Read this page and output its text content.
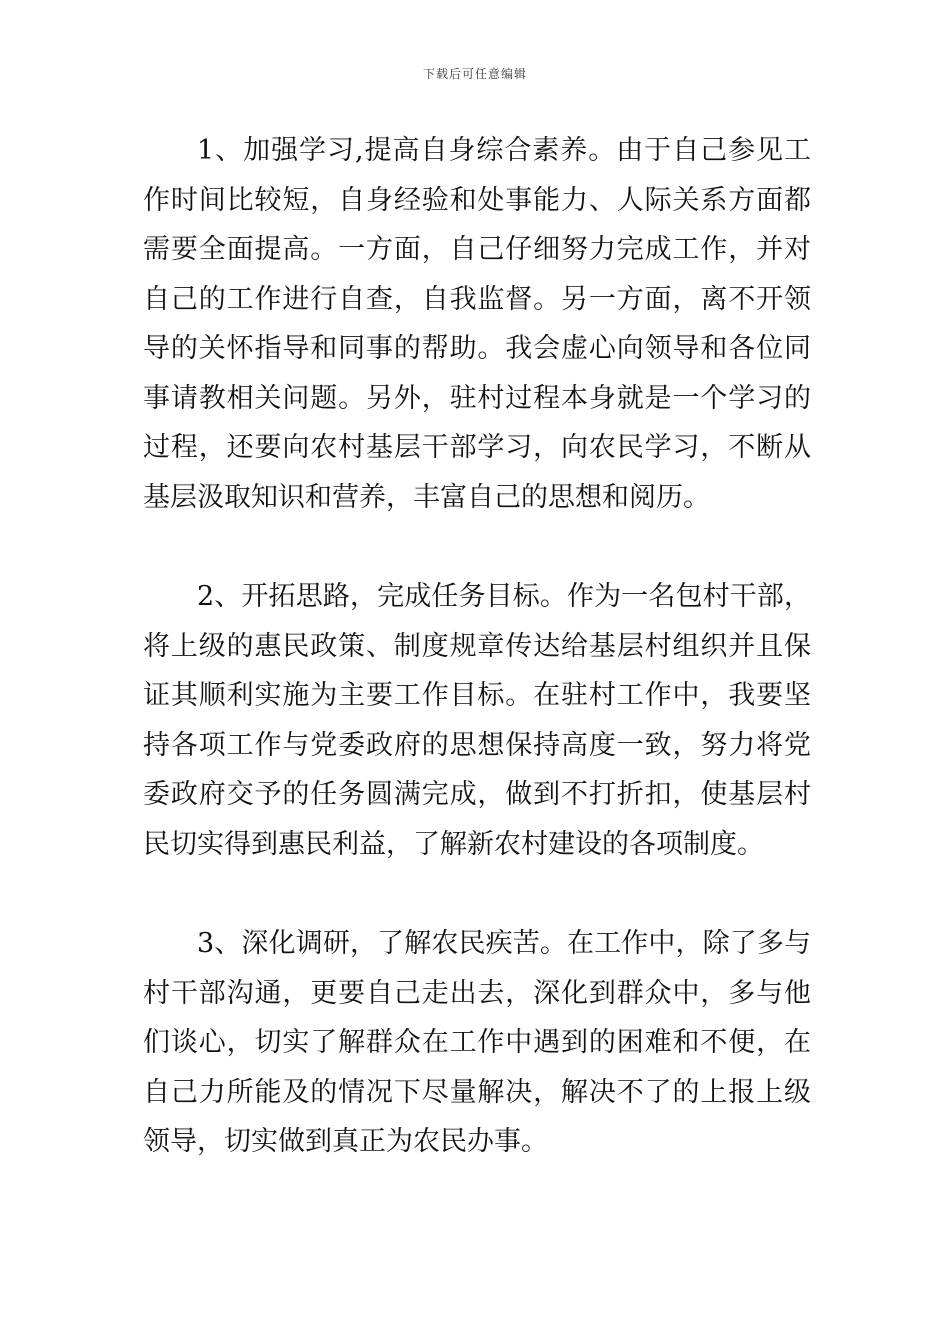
下载后可任意编辑

1、加强学习,提高自身综合素养。由于自己参见工作时间比较短，自身经验和处事能力、人际关系方面都需要全面提高。一方面，自己仔细努力完成工作，并对自己的工作进行自查，自我监督。另一方面，离不开领导的关怀指导和同事的帮助。我会虚心向领导和各位同事请教相关问题。另外，驻村过程本身就是一个学习的过程，还要向农村基层干部学习，向农民学习，不断从基层汲取知识和营养，丰富自己的思想和阅历。

2、开拓思路，完成任务目标。作为一名包村干部，将上级的惠民政策、制度规章传达给基层村组织并且保证其顺利实施为主要工作目标。在驻村工作中，我要坚持各项工作与党委政府的思想保持高度一致，努力将党委政府交予的任务圆满完成，做到不打折扣，使基层村民切实得到惠民利益，了解新农村建设的各项制度。

3、深化调研，了解农民疾苦。在工作中，除了多与村干部沟通，更要自己走出去，深化到群众中，多与他们谈心，切实了解群众在工作中遇到的困难和不便，在自己力所能及的情况下尽量解决，解决不了的上报上级领导，切实做到真正为农民办事。
